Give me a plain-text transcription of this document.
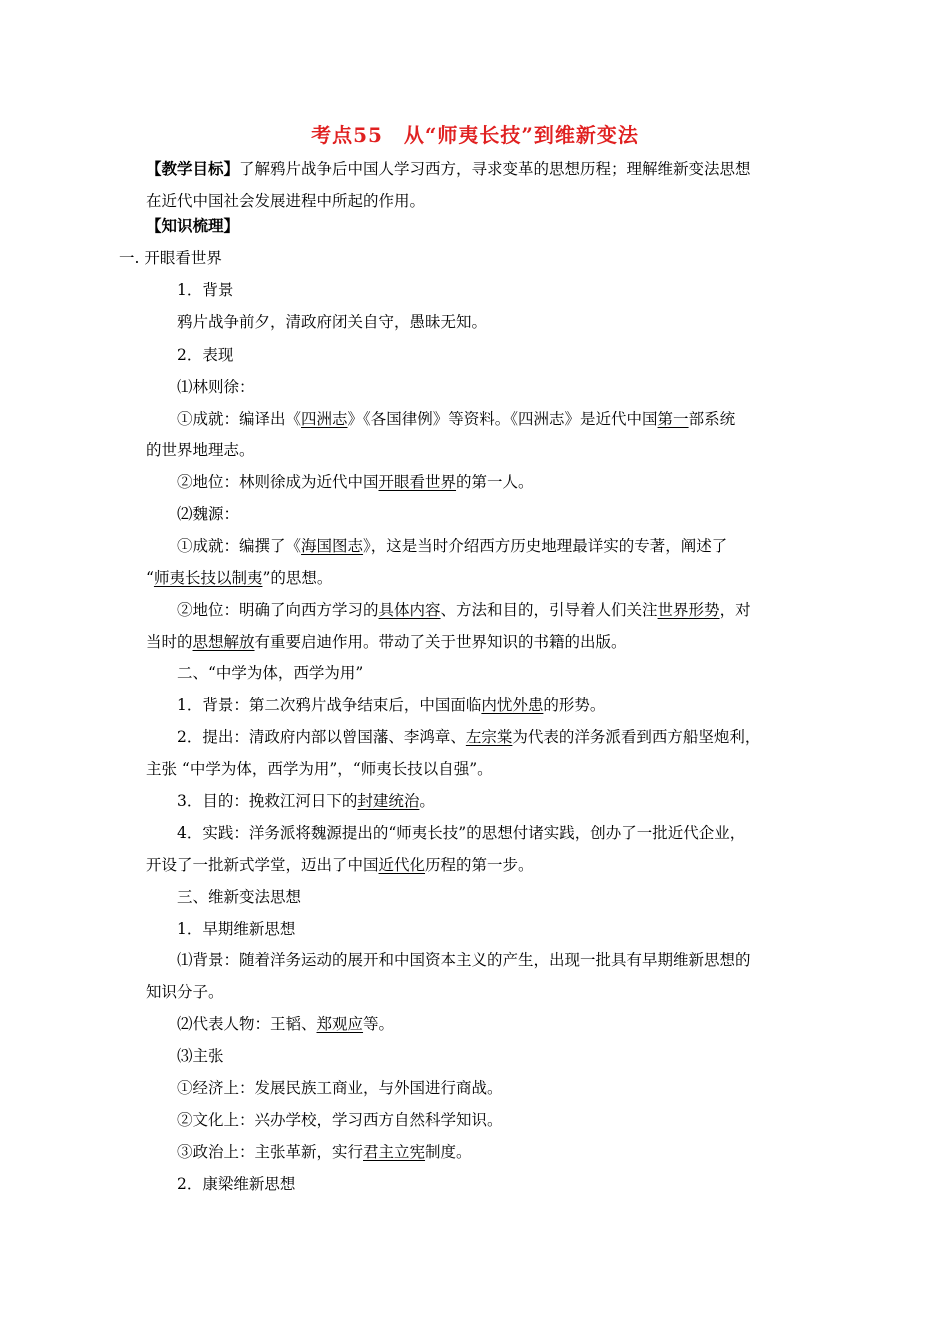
考点55　从“师夷长技”到维新变法
【教学目标】了解鸦片战争后中国人学习西方，寻求变革的思想历程；理解维新变法思想
在近代中国社会发展进程中所起的作用。
【知识梳理】
一. 开眼看世界
1．背景
鸦片战争前夕，清政府闭关自守，愚昧无知。
2．表现
⑴林则徐：
①成就：编译出《四洲志》《各国律例》等资料。《四洲志》是近代中国第一部系统
的世界地理志。
②地位：林则徐成为近代中国开眼看世界的第一人。
⑵魏源：
①成就：编撰了《海国图志》，这是当时介绍西方历史地理最详实的专著，阐述了
“师夷长技以制夷”的思想。
②地位：明确了向西方学习的具体内容、方法和目的，引导着人们关注世界形势，对
当时的思想解放有重要启迪作用。带动了关于世界知识的书籍的出版。
二、“中学为体，西学为用”
1．背景：第二次鸦片战争结束后，中国面临内忧外患的形势。
2．提出：清政府内部以曾国藩、李鸿章、左宗棠为代表的洋务派看到西方船坚炮利，
主张 “中学为体，西学为用”，“师夷长技以自强”。
3．目的：挽救江河日下的封建统治。
4．实践：洋务派将魏源提出的“师夷长技”的思想付诸实践，创办了一批近代企业，
开设了一批新式学堂，迈出了中国近代化历程的第一步。
三、维新变法思想
1．早期维新思想
⑴背景：随着洋务运动的展开和中国资本主义的产生，出现一批具有早期维新思想的
知识分子。
⑵代表人物：王韬、郑观应等。
⑶主张
①经济上：发展民族工商业，与外国进行商战。
②文化上：兴办学校，学习西方自然科学知识。
③政治上：主张革新，实行君主立宪制度。
2．康梁维新思想
